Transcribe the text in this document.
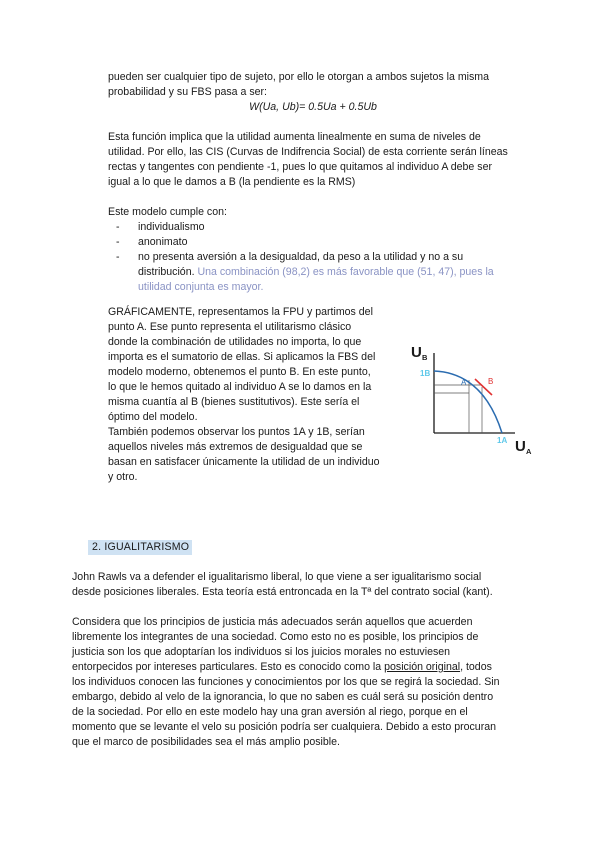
pueden ser cualquier tipo de sujeto, por ello le otorgan a ambos sujetos la misma

probabilidad y su FBS pasa a ser:

W(Ua, Ub)= 0.5Ua + 0.5Ub

Esta función implica que la utilidad aumenta linealmente en suma de niveles de

utilidad. Por ello, las CIS (Curvas de Indifrencia Social) de esta corriente serán líneas

rectas y tangentes con pendiente -1, pues lo que quitamos al individuo A debe ser

igual a lo que le damos a B (la pendiente es la RMS)

Este modelo cumple con:

- individualismo
- anonimato
- no presenta aversión a la desigualdad, da peso a la utilidad y no a su
distribución. Una combinación (98,2) es más favorable que (51, 47), pues la
utilidad conjunta es mayor.

GRÁFICAMENTE, representamos la FPU y partimos del

punto A. Ese punto representa el utilitarismo clásico

donde la combinación de utilidades no importa, lo que

importa es el sumatorio de ellas. Si aplicamos la FBS del

modelo moderno, obtenemos el punto B. En este punto,

lo que le hemos quitado al individuo A se lo damos en la

misma cuantía al B (bienes sustitutivos). Este sería el

óptimo del modelo.

También podemos observar los puntos 1A y 1B, serían

aquellos niveles más extremos de desigualdad que se

basan en satisfacer únicamente la utilidad de un individuo

y otro.

U B
U A
1B
1A
A	B
2. IGUALITARISMO

John Rawls va a defender el igualitarismo liberal, lo que viene a ser igualitarismo social

desde posiciones liberales. Esta teoría está entroncada en la Tª del contrato social (kant).

Considera que los principios de justicia más adecuados serán aquellos que acuerden

libremente los integrantes de una sociedad. Como esto no es posible, los principios de

justicia son los que adoptarían los individuos si los juicios morales no estuviesen

entorpecidos por intereses particulares. Esto es conocido como la posición original, todos

los individuos conocen las funciones y conocimientos por los que se regirá la sociedad. Sin

embargo, debido al velo de la ignorancia, lo que no saben es cuál será su posición dentro

de la sociedad. Por ello en este modelo hay una gran aversión al riego, porque en el

momento que se levante el velo su posición podría ser cualquiera. Debido a esto procuran

que el marco de posibilidades sea el más amplio posible.
